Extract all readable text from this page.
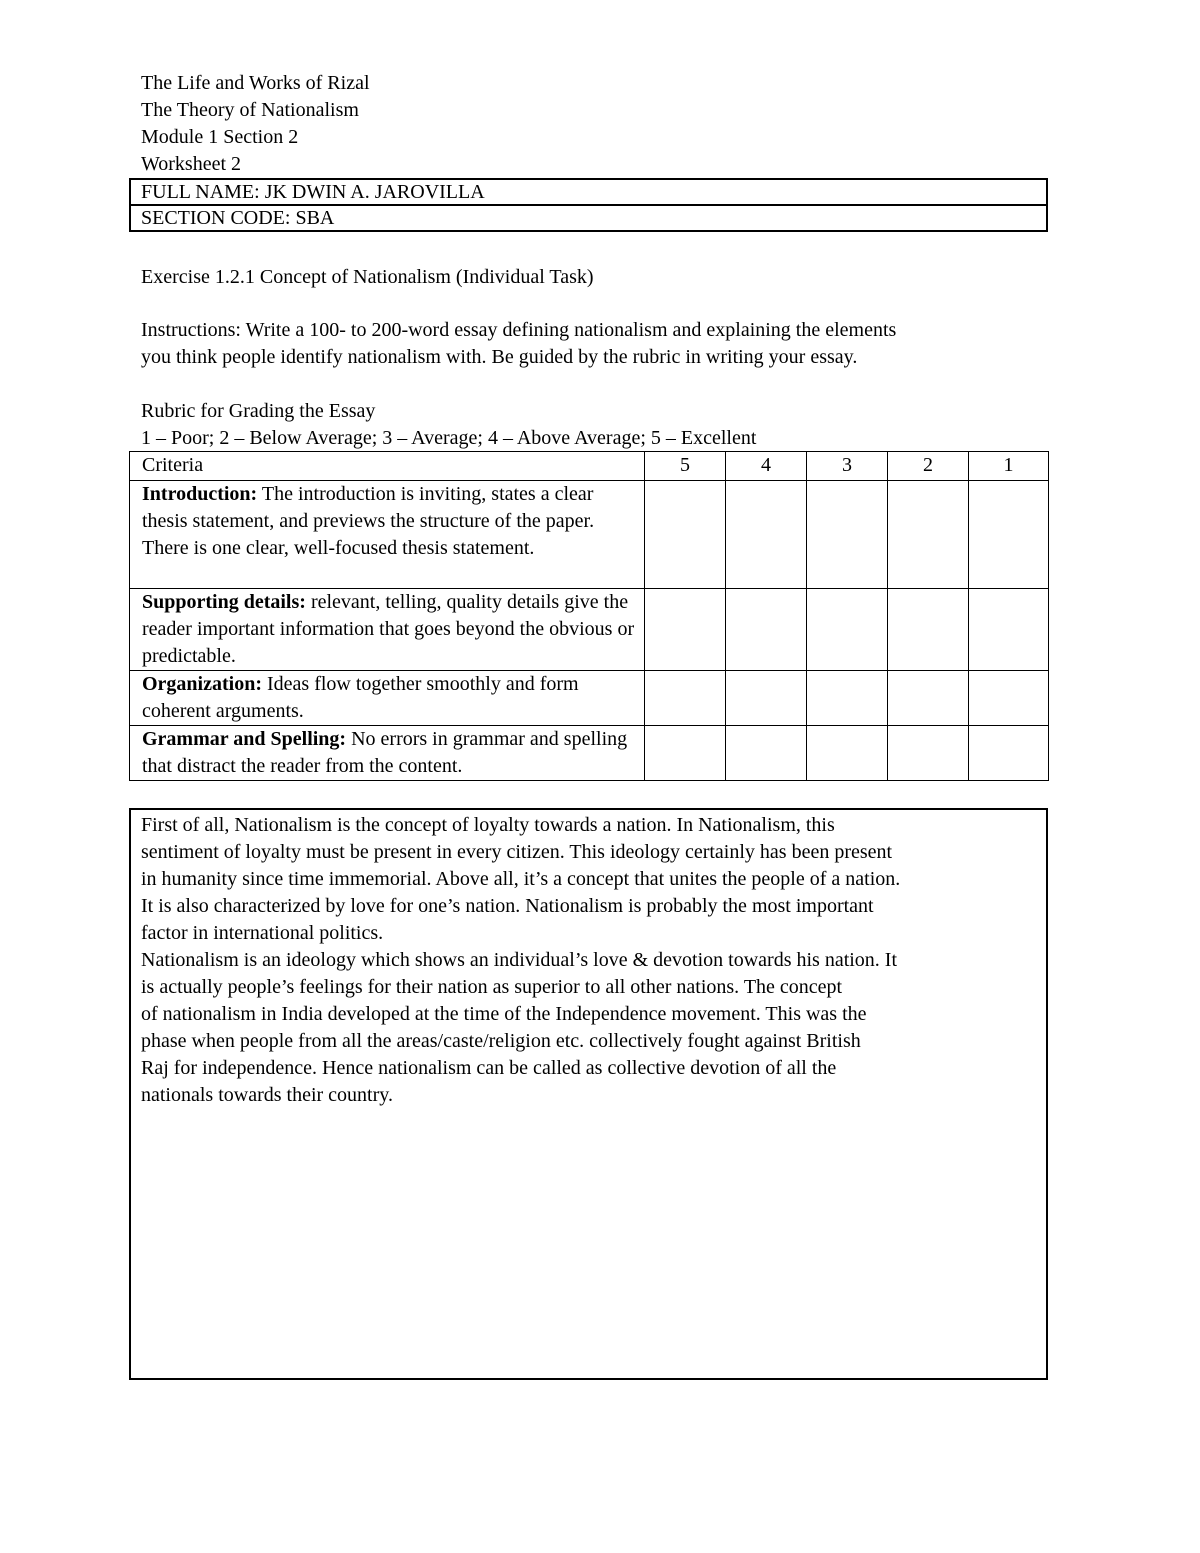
The Life and Works of Rizal
The Theory of Nationalism
Module 1 Section 2
Worksheet 2
FULL NAME: JK DWIN A. JAROVILLA
SECTION CODE: SBA
Exercise 1.2.1 Concept of Nationalism (Individual Task)
Instructions: Write a 100- to 200-word essay defining nationalism and explaining the elements
you think people identify nationalism with. Be guided by the rubric in writing your essay.
Rubric for Grading the Essay
1 – Poor; 2 – Below Average; 3 – Average; 4 – Above Average; 5 – Excellent
Criteria	5	4	3	2	1
Introduction: The introduction is inviting, states a clear thesis statement, and previews the structure of the paper. There is one clear, well-focused thesis statement.					
Supporting details: relevant, telling, quality details give the reader important information that goes beyond the obvious or predictable.					
Organization: Ideas flow together smoothly and form coherent arguments.					
Grammar and Spelling: No errors in grammar and spelling that distract the reader from the content.					

First of all, Nationalism is the concept of loyalty towards a nation. In Nationalism, this

sentiment of loyalty must be present in every citizen. This ideology certainly has been present

in humanity since time immemorial. Above all, it’s a concept that unites the people of a nation.

It is also characterized by love for one’s nation. Nationalism is probably the most important

factor in international politics.

Nationalism is an ideology which shows an individual’s love & devotion towards his nation. It

is actually people’s feelings for their nation as superior to all other nations. The concept

of nationalism in India developed at the time of the Independence movement. This was the

phase when people from all the areas/caste/religion etc. collectively fought against British

Raj for independence. Hence nationalism can be called as collective devotion of all the

nationals towards their country.
